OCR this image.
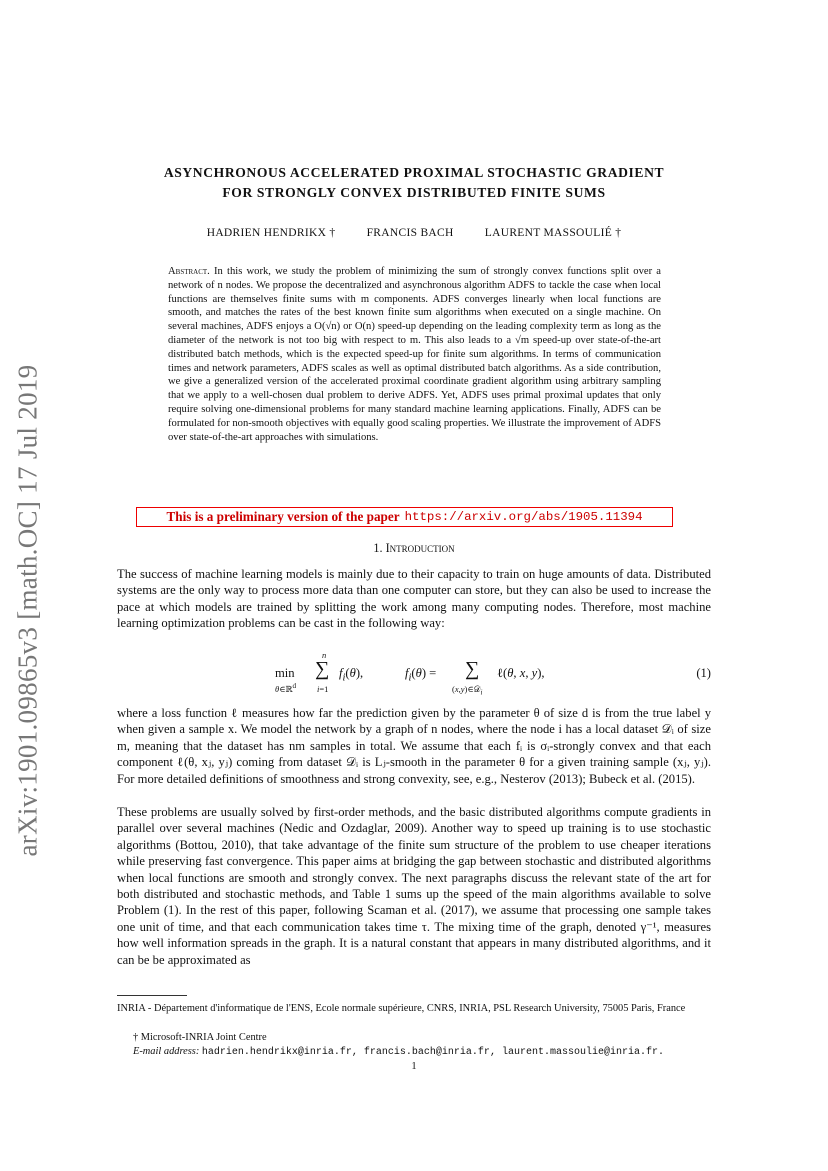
arXiv:1901.09865v3 [math.OC] 17 Jul 2019
ASYNCHRONOUS ACCELERATED PROXIMAL STOCHASTIC GRADIENT
FOR STRONGLY CONVEX DISTRIBUTED FINITE SUMS
HADRIEN HENDRIKX †	FRANCIS BACH	LAURENT MASSOULIÉ †
Abstract. In this work, we study the problem of minimizing the sum of strongly convex functions split over a network of n nodes. We propose the decentralized and asynchronous algorithm ADFS to tackle the case when local functions are themselves finite sums with m components. ADFS converges linearly when local functions are smooth, and matches the rates of the best known finite sum algorithms when executed on a single machine. On several machines, ADFS enjoys a O(√n) or O(n) speed-up depending on the leading complexity term as long as the diameter of the network is not too big with respect to m. This also leads to a √m speed-up over state-of-the-art distributed batch methods, which is the expected speed-up for finite sum algorithms. In terms of communication times and network parameters, ADFS scales as well as optimal distributed batch algorithms. As a side contribution, we give a generalized version of the accelerated proximal coordinate gradient algorithm using arbitrary sampling that we apply to a well-chosen dual problem to derive ADFS. Yet, ADFS uses primal proximal updates that only require solving one-dimensional problems for many standard machine learning applications. Finally, ADFS can be formulated for non-smooth objectives with equally good scaling properties. We illustrate the improvement of ADFS over state-of-the-art approaches with simulations.
This is a preliminary version of the paper https://arxiv.org/abs/1905.11394
1. Introduction
The success of machine learning models is mainly due to their capacity to train on huge amounts of data. Distributed systems are the only way to process more data than one computer can store, but they can also be used to increase the pace at which models are trained by splitting the work among many computing nodes. Therefore, most machine learning optimization problems can be cast in the following way:
min
θ∈ℝ$^d$
n
∑
i=1
$f_i(\theta)$,	$f_i(\theta)$ = ∑
(x,y)∈𝒟$_i$
ℓ(θ, x, y),	(1)
where a loss function ℓ measures how far the prediction given by the parameter θ of size d is from the true label y when given a sample x. We model the network by a graph of n nodes, where the node i has a local dataset 𝒟ᵢ of size m, meaning that the dataset has nm samples in total. We assume that each fᵢ is σᵢ-strongly convex and that each component ℓ(θ, xⱼ, yⱼ) coming from dataset 𝒟ᵢ is Lⱼ-smooth in the parameter θ for a given training sample (xⱼ, yⱼ). For more detailed definitions of smoothness and strong convexity, see, e.g., Nesterov (2013); Bubeck et al. (2015).
These problems are usually solved by first-order methods, and the basic distributed algorithms compute gradients in parallel over several machines (Nedic and Ozdaglar, 2009). Another way to speed up training is to use stochastic algorithms (Bottou, 2010), that take advantage of the finite sum structure of the problem to use cheaper iterations while preserving fast convergence. This paper aims at bridging the gap between stochastic and distributed algorithms when local functions are smooth and strongly convex. The next paragraphs discuss the relevant state of the art for both distributed and stochastic methods, and Table 1 sums up the speed of the main algorithms available to solve Problem (1). In the rest of this paper, following Scaman et al. (2017), we assume that processing one sample takes one unit of time, and that each communication takes time τ. The mixing time of the graph, denoted γ⁻¹, measures how well information spreads in the graph. It is a natural constant that appears in many distributed algorithms, and it can be be approximated as
INRIA - Département d'informatique de l'ENS, Ecole normale supérieure, CNRS, INRIA, PSL Research University, 75005 Paris, France
† Microsoft-INRIA Joint Centre
E-mail address: hadrien.hendrikx@inria.fr, francis.bach@inria.fr, laurent.massoulie@inria.fr.
1
